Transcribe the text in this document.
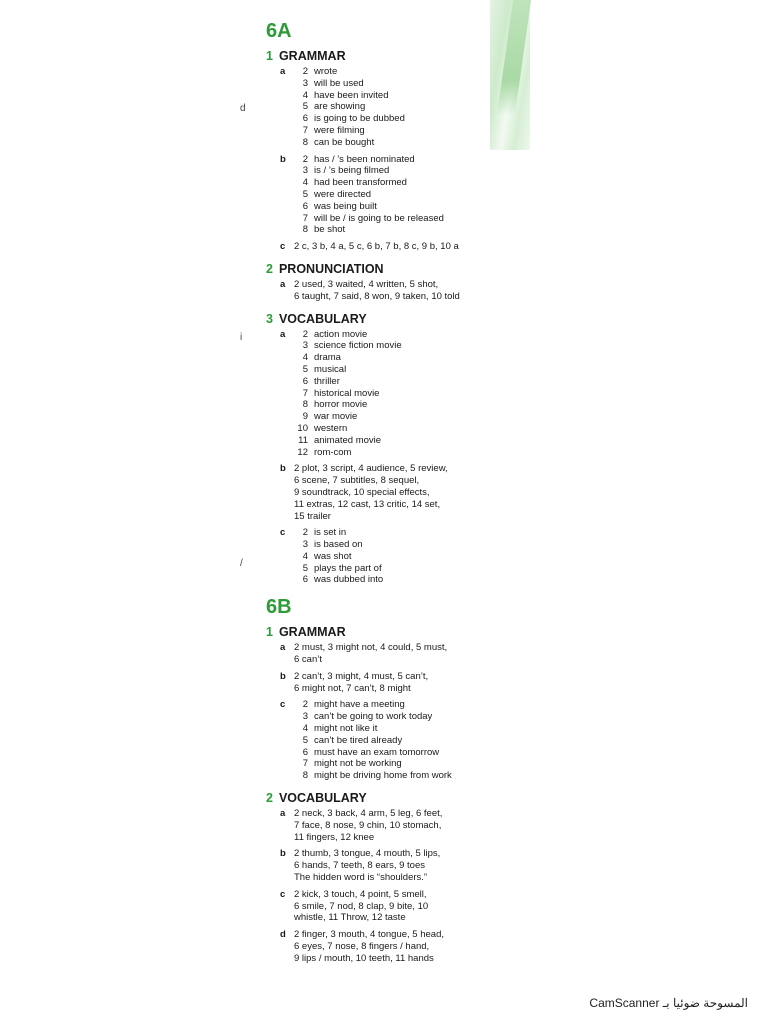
d
i
/
6A
1 GRAMMAR
a	2 wrote
3 will be used
4 have been invited
5 are showing
6 is going to be dubbed
7 were filming
8 can be bought
b	2 has / ’s been nominated
3 is / ’s being filmed
4 had been transformed
5 were directed
6 was being built
7 will be / is going to be released
8 be shot
c 2 c, 3 b, 4 a, 5 c, 6 b, 7 b, 8 c, 9 b, 10 a
2 PRONUNCIATION
a 2 used, 3 waited, 4 written, 5 shot,
6 taught, 7 said, 8 won, 9 taken, 10 told
3 VOCABULARY
a	2 action movie
3 science fiction movie
4 drama
5 musical
6 thriller
7 historical movie
8 horror movie
9 war movie
10 western
11 animated movie
12 rom-com
b 2 plot, 3 script, 4 audience, 5 review,
6 scene, 7 subtitles, 8 sequel,
9 soundtrack, 10 special effects,
11 extras, 12 cast, 13 critic, 14 set,
15 trailer
c	2 is set in
3 is based on
4 was shot
5 plays the part of
6 was dubbed into
6B
1 GRAMMAR
a 2 must, 3 might not, 4 could, 5 must,
6 can’t
b 2 can’t, 3 might, 4 must, 5 can’t,
6 might not, 7 can’t, 8 might
c	2 might have a meeting
3 can’t be going to work today
4 might not like it
5 can’t be tired already
6 must have an exam tomorrow
7 might not be working
8 might be driving home from work
2 VOCABULARY
a 2 neck, 3 back, 4 arm, 5 leg, 6 feet,
7 face, 8 nose, 9 chin, 10 stomach,
11 fingers, 12 knee
b 2 thumb, 3 tongue, 4 mouth, 5 lips,
6 hands, 7 teeth, 8 ears, 9 toes
The hidden word is “shoulders.”
c 2 kick, 3 touch, 4 point, 5 smell,
6 smile, 7 nod, 8 clap, 9 bite, 10
whistle, 11 Throw, 12 taste
d 2 finger, 3 mouth, 4 tongue, 5 head,
6 eyes, 7 nose, 8 fingers / hand,
9 lips / mouth, 10 teeth, 11 hands
CamScanner المسوحة ضوئيا بـ
